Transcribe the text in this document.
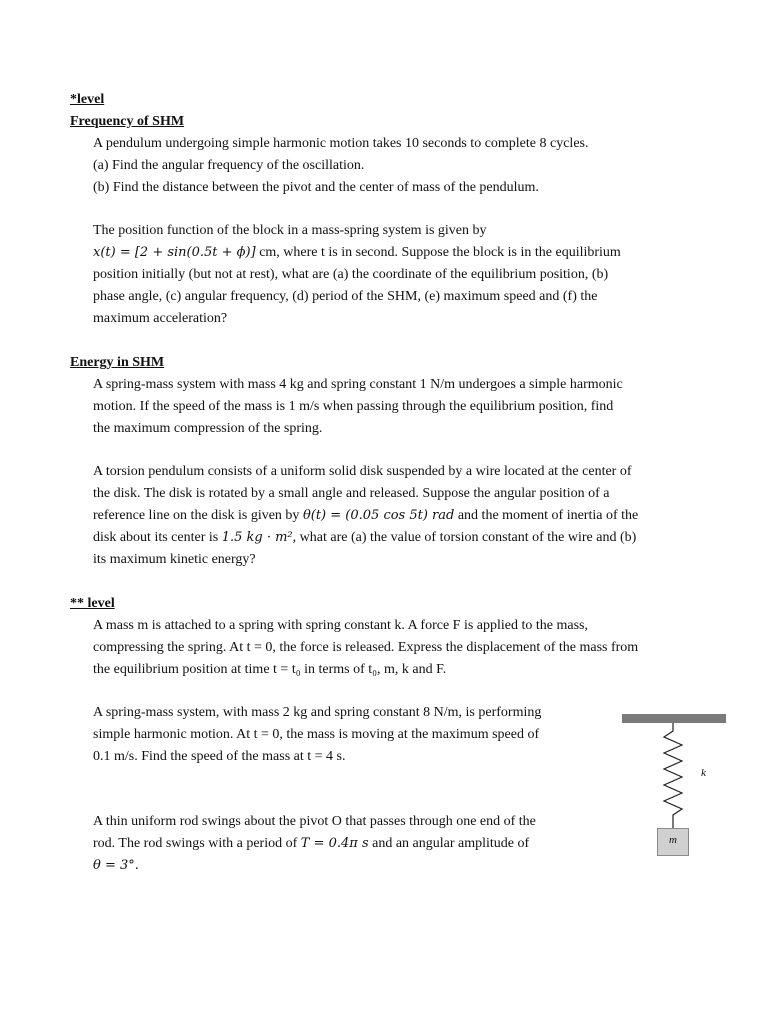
*level
Frequency of SHM
A pendulum undergoing simple harmonic motion takes 10 seconds to complete 8 cycles.
(a) Find the angular frequency of the oscillation.
(b) Find the distance between the pivot and the center of mass of the pendulum.
The position function of the block in a mass-spring system is given by
x(t) = [2 + sin(0.5t + ϕ)] cm, where t is in second. Suppose the block is in the equilibrium
position initially (but not at rest), what are (a) the coordinate of the equilibrium position, (b)
phase angle, (c) angular frequency, (d) period of the SHM, (e) maximum speed and (f) the
maximum acceleration?
Energy in SHM
A spring-mass system with mass 4 kg and spring constant 1 N/m undergoes a simple harmonic
motion. If the speed of the mass is 1 m/s when passing through the equilibrium position, find
the maximum compression of the spring.
A torsion pendulum consists of a uniform solid disk suspended by a wire located at the center of
the disk. The disk is rotated by a small angle and released. Suppose the angular position of a
reference line on the disk is given by θ(t) = (0.05 cos 5t) rad and the moment of inertia of the
disk about its center is 1.5 kg · m², what are (a) the value of torsion constant of the wire and (b)
its maximum kinetic energy?
** level
A mass m is attached to a spring with spring constant k. A force F is applied to the mass,
compressing the spring. At t = 0, the force is released. Express the displacement of the mass from
the equilibrium position at time t = t₀ in terms of t₀, m, k and F.
A spring-mass system, with mass 2 kg and spring constant 8 N/m, is performing
simple harmonic motion. At t = 0, the mass is moving at the maximum speed of
0.1 m/s. Find the speed of the mass at t = 4 s.
A thin uniform rod swings about the pivot O that passes through one end of the
rod. The rod swings with a period of T = 0.4π s and an angular amplitude of
θ = 3°.
m
k
